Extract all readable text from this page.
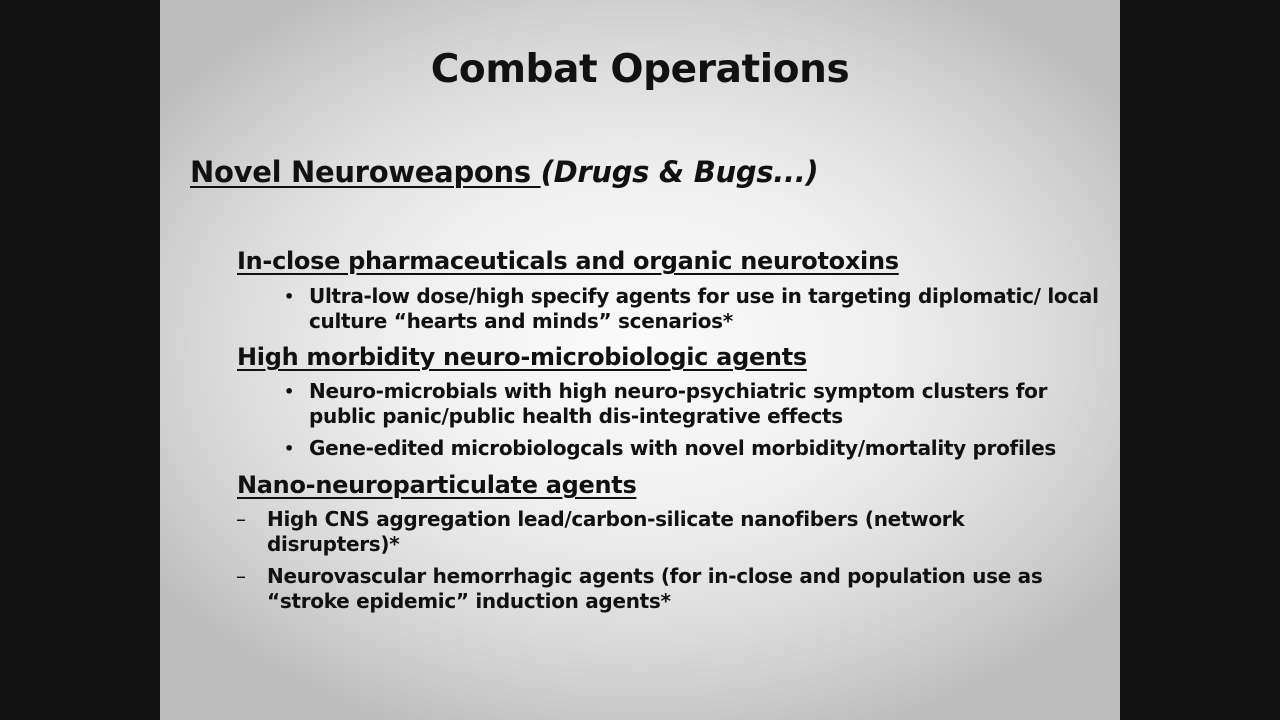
Combat Operations
Novel Neuroweapons (Drugs & Bugs...)
In-close pharmaceuticals and organic neurotoxins
• Ultra-low dose/high specify agents for use in targeting diplomatic/ local culture “hearts and minds” scenarios*
High morbidity neuro-microbiologic agents
• Neuro-microbials with high neuro-psychiatric symptom clusters for public panic/public health dis-integrative effects
• Gene-edited microbiologcals with novel morbidity/mortality profiles
Nano-neuroparticulate agents
–	High CNS aggregation lead/carbon-silicate nanofibers (network disrupters)*
–	Neurovascular hemorrhagic agents (for in-close and population use as “stroke epidemic” induction agents*
